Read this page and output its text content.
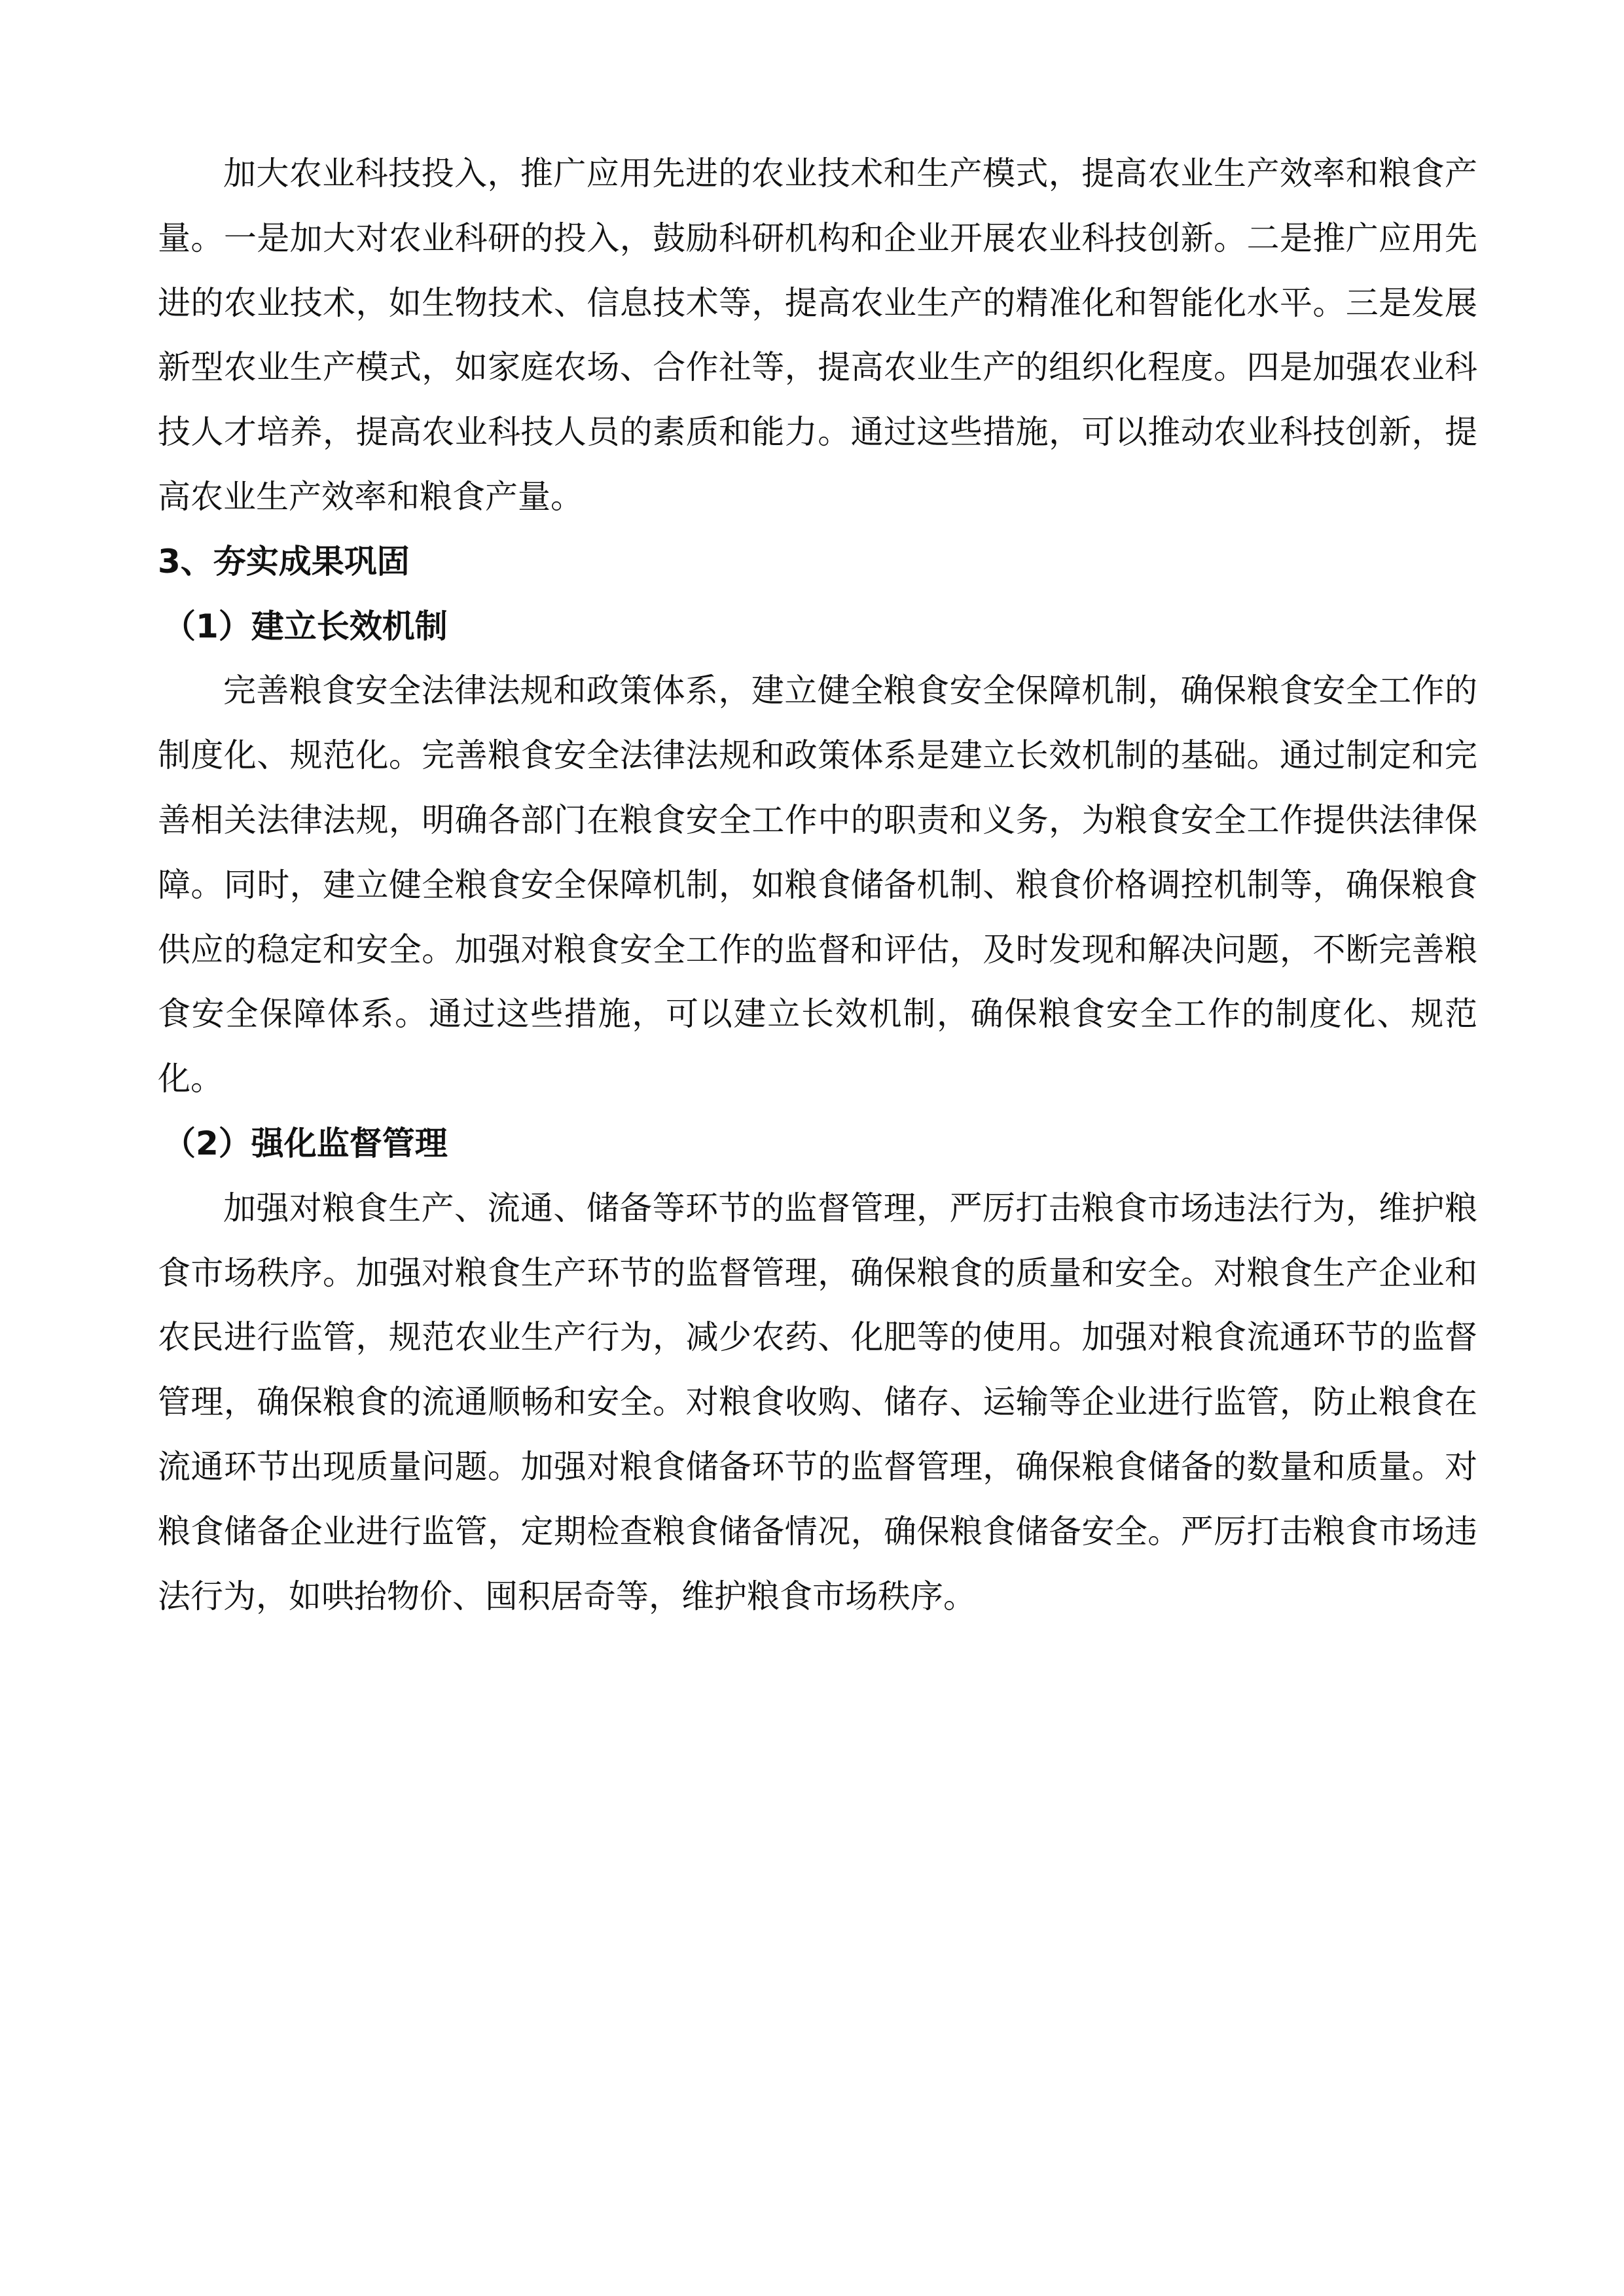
加大农业科技投入，推广应用先进的农业技术和生产模式，提高农业生产效率和粮食产
量。一是加大对农业科研的投入，鼓励科研机构和企业开展农业科技创新。二是推广应用先
进的农业技术，如生物技术、信息技术等，提高农业生产的精准化和智能化水平。三是发展
新型农业生产模式，如家庭农场、合作社等，提高农业生产的组织化程度。四是加强农业科
技人才培养，提高农业科技人员的素质和能力。通过这些措施，可以推动农业科技创新，提
高农业生产效率和粮食产量。
3、夯实成果巩固
（1）建立长效机制
完善粮食安全法律法规和政策体系，建立健全粮食安全保障机制，确保粮食安全工作的
制度化、规范化。完善粮食安全法律法规和政策体系是建立长效机制的基础。通过制定和完
善相关法律法规，明确各部门在粮食安全工作中的职责和义务，为粮食安全工作提供法律保
障。同时，建立健全粮食安全保障机制，如粮食储备机制、粮食价格调控机制等，确保粮食
供应的稳定和安全。加强对粮食安全工作的监督和评估，及时发现和解决问题，不断完善粮
食安全保障体系。通过这些措施，可以建立长效机制，确保粮食安全工作的制度化、规范
化。
（2）强化监督管理
加强对粮食生产、流通、储备等环节的监督管理，严厉打击粮食市场违法行为，维护粮
食市场秩序。加强对粮食生产环节的监督管理，确保粮食的质量和安全。对粮食生产企业和
农民进行监管，规范农业生产行为，减少农药、化肥等的使用。加强对粮食流通环节的监督
管理，确保粮食的流通顺畅和安全。对粮食收购、储存、运输等企业进行监管，防止粮食在
流通环节出现质量问题。加强对粮食储备环节的监督管理，确保粮食储备的数量和质量。对
粮食储备企业进行监管，定期检查粮食储备情况，确保粮食储备安全。严厉打击粮食市场违
法行为，如哄抬物价、囤积居奇等，维护粮食市场秩序。
